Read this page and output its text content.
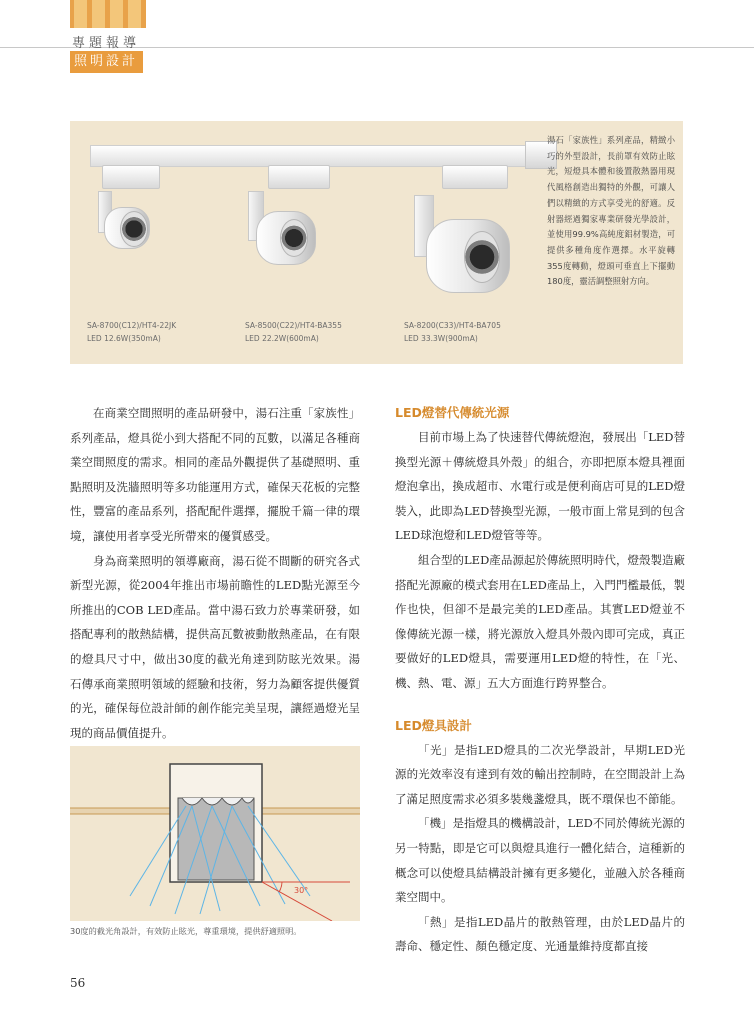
專題報導
照明設計
SA-8700(C12)/HT4-22JK
LED 12.6W(350mA)
SA-8500(C22)/HT4-BA355
LED 22.2W(600mA)
SA-8200(C33)/HT4-BA705
LED 33.3W(900mA)
湯石「家族性」系列產品，精緻小巧的外型設計，長前罩有效防止眩光，短燈具本體和後置散熱器用現代風格創造出獨特的外觀，可讓人們以精緻的方式享受光的舒適。反射器經過獨家專業研發光學設計，並使用99.9%高純度鋁材製造，可提供多種角度作選擇。水平旋轉355度轉動，燈頭可垂直上下擺動180度，靈活調整照射方向。

在商業空間照明的產品研發中，湯石注重「家族性」系列產品，燈具從小到大搭配不同的瓦數，以滿足各種商業空間照度的需求。相同的產品外觀提供了基礎照明、重點照明及洗牆照明等多功能運用方式，確保天花板的完整性，豐富的產品系列，搭配配件選擇，擺脫千篇一律的環境，讓使用者享受光所帶來的優質感受。

身為商業照明的領導廠商，湯石從不間斷的研究各式新型光源，從2004年推出市場前瞻性的LED點光源至今所推出的COB LED產品。當中湯石致力於專業研發，如搭配專利的散熱結構，提供高瓦數被動散熱產品，在有限的燈具尺寸中，做出30度的截光角達到防眩光效果。湯石傳承商業照明領域的經驗和技術，努力為顧客提供優質的光，確保每位設計師的創作能完美呈現，讓經過燈光呈現的商品價值提升。

30°
30度的截光角設計，有效防止眩光，尊重環境，提供舒適照明。
LED燈替代傳統光源

目前市場上為了快速替代傳統燈泡，發展出「LED替換型光源＋傳統燈具外殼」的組合，亦即把原本燈具裡面燈泡拿出，換成超市、水電行或是便利商店可見的LED燈裝入，此即為LED替換型光源，一般市面上常見到的包含LED球泡燈和LED燈管等等。

組合型的LED產品源起於傳統照明時代，燈殼製造廠搭配光源廠的模式套用在LED產品上，入門門檻最低，製作也快，但卻不是最完美的LED產品。其實LED燈並不像傳統光源一樣，將光源放入燈具外殼內即可完成，真正要做好的LED燈具，需要運用LED燈的特性，在「光、機、熱、電、源」五大方面進行跨界整合。

LED燈具設計

「光」是指LED燈具的二次光學設計，早期LED光源的光效率沒有達到有效的輸出控制時，在空間設計上為了滿足照度需求必須多裝幾盞燈具，既不環保也不節能。

「機」是指燈具的機構設計，LED不同於傳統光源的另一特點，即是它可以與燈具進行一體化結合，這種新的概念可以使燈具結構設計擁有更多變化，並融入於各種商業空間中。

「熱」是指LED晶片的散熱管理，由於LED晶片的壽命、穩定性、顏色穩定度、光通量維持度都直接

56
